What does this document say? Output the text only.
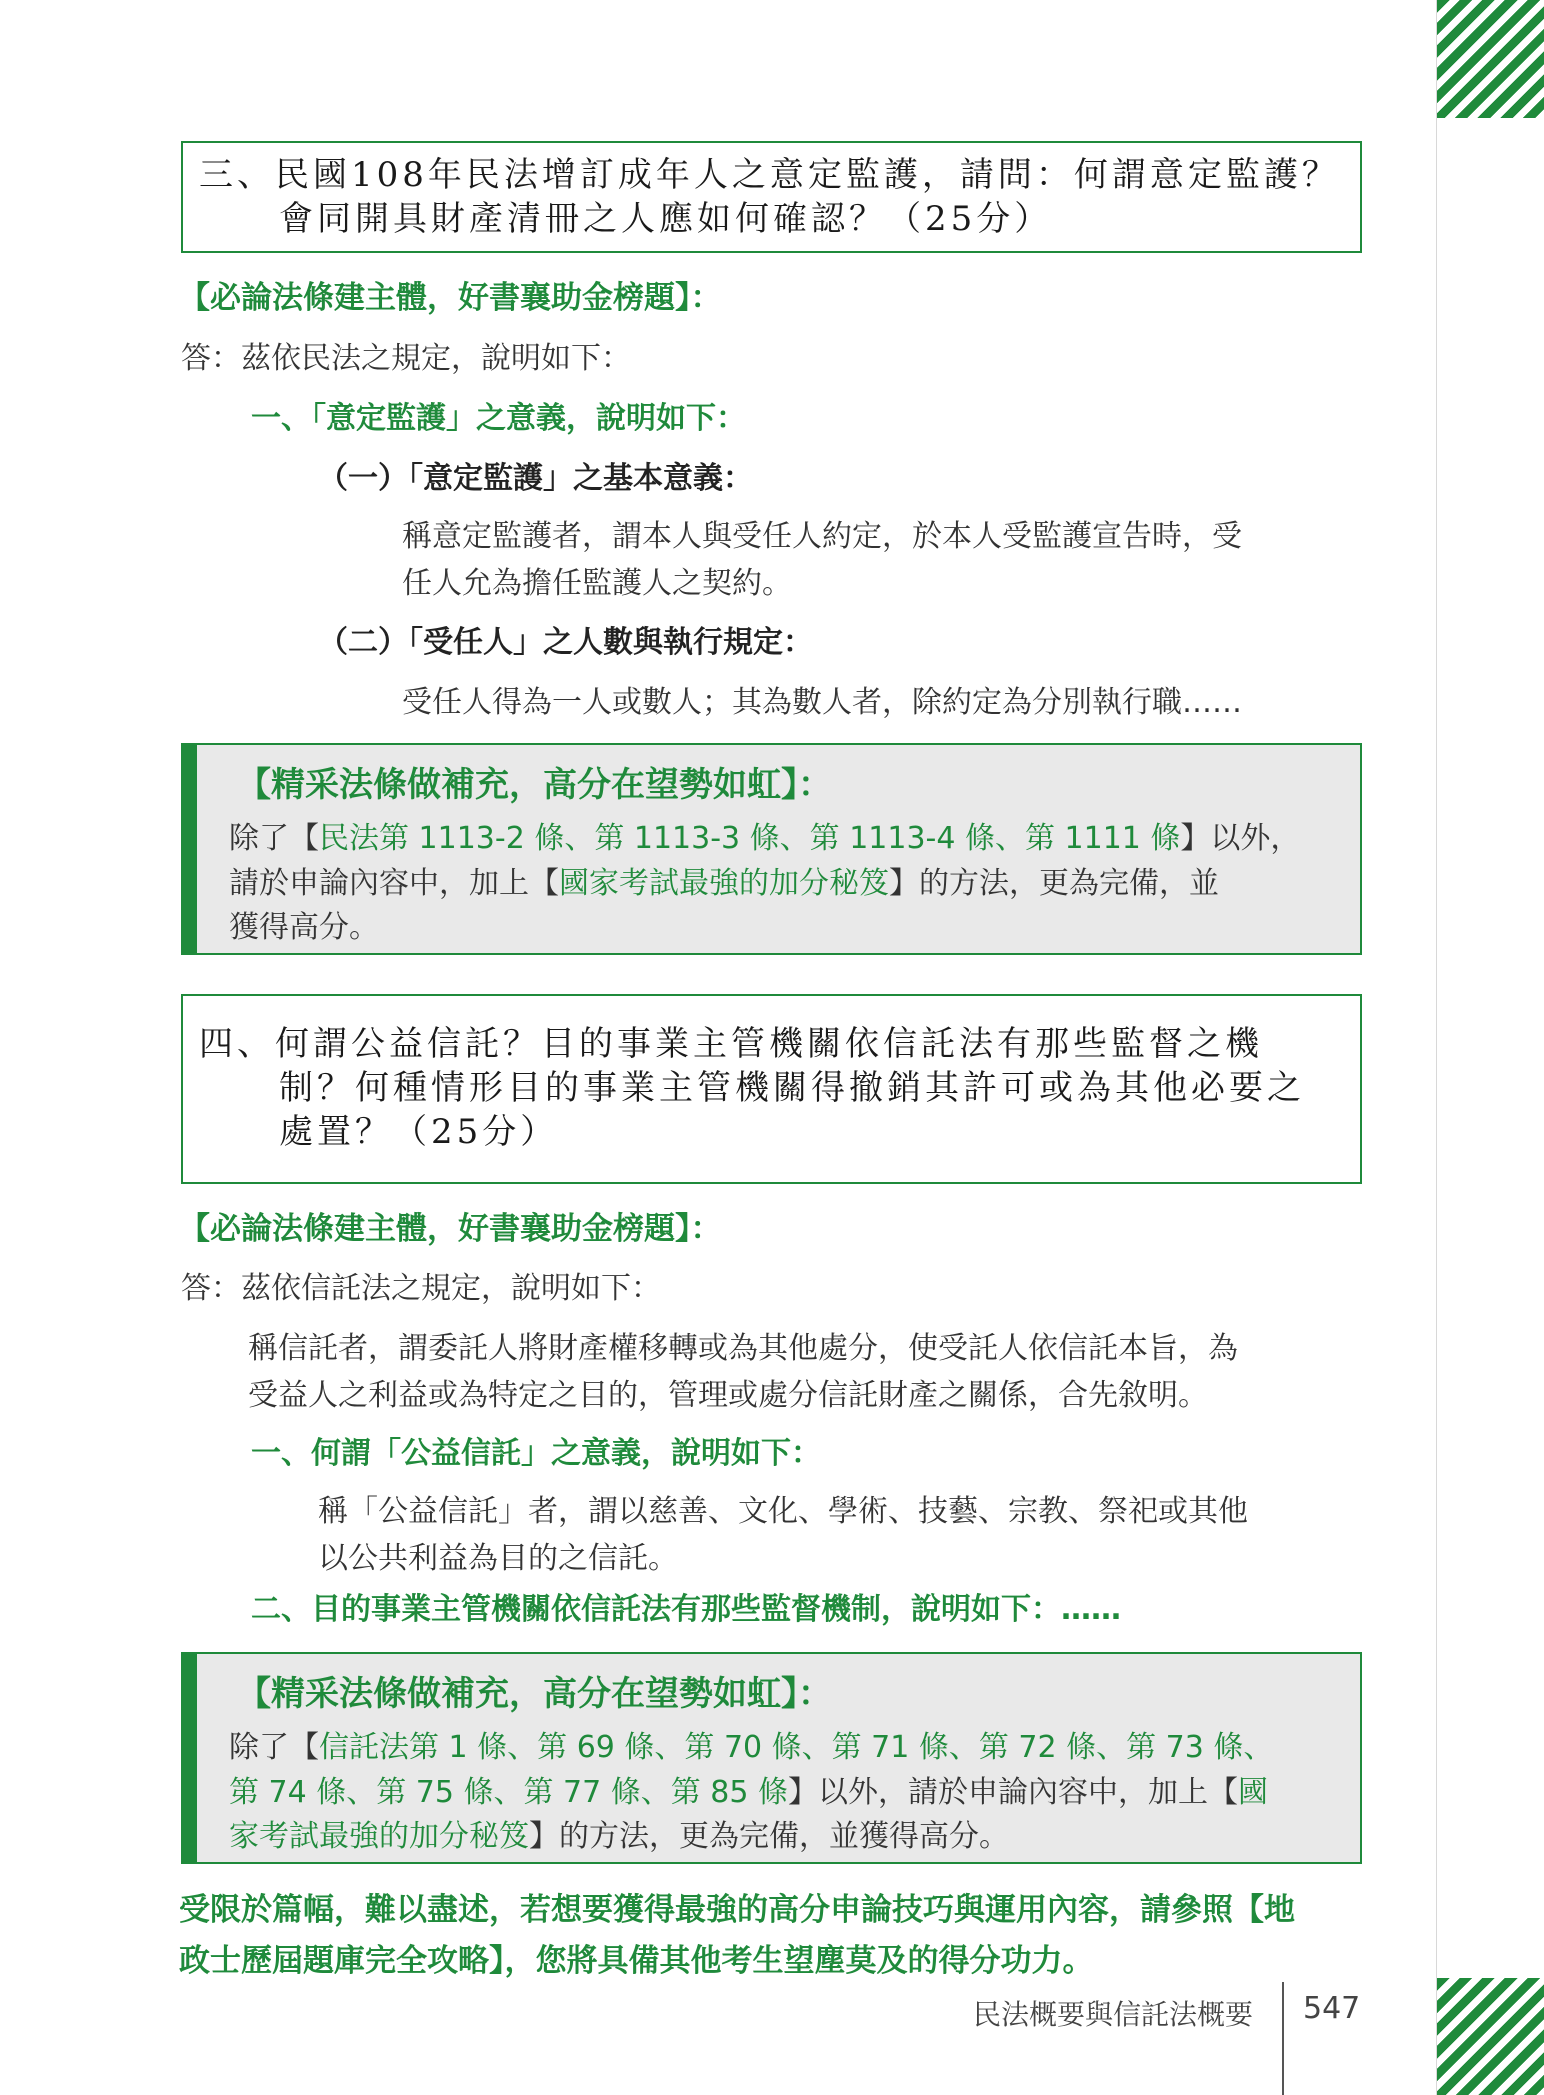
三、民國108年民法增訂成年人之意定監護，請問：何謂意定監護？
會同開具財產清冊之人應如何確認？（25分）
【必論法條建主體，好書襄助金榜題】：
答：茲依民法之規定，說明如下：
一、「意定監護」之意義，說明如下：
（一）「意定監護」之基本意義：
稱意定監護者，謂本人與受任人約定，於本人受監護宣告時，受
任人允為擔任監護人之契約。
（二）「受任人」之人數與執行規定：
受任人得為一人或數人；其為數人者，除約定為分別執行職……
【精采法條做補充，高分在望勢如虹】：
除了【民法第 1113-2 條、第 1113-3 條、第 1113-4 條、第 1111 條】以外，
請於申論內容中，加上【國家考試最強的加分秘笈】的方法，更為完備，並
獲得高分。
四、何謂公益信託？目的事業主管機關依信託法有那些監督之機
制？何種情形目的事業主管機關得撤銷其許可或為其他必要之
處置？（25分）
【必論法條建主體，好書襄助金榜題】：
答：茲依信託法之規定，說明如下：
稱信託者，謂委託人將財產權移轉或為其他處分，使受託人依信託本旨，為
受益人之利益或為特定之目的，管理或處分信託財產之關係，合先敘明。
一、何謂「公益信託」之意義，說明如下：
稱「公益信託」者，謂以慈善、文化、學術、技藝、宗教、祭祀或其他
以公共利益為目的之信託。
二、目的事業主管機關依信託法有那些監督機制，說明如下：……
【精采法條做補充，高分在望勢如虹】：
除了【信託法第 1 條、第 69 條、第 70 條、第 71 條、第 72 條、第 73 條、
第 74 條、第 75 條、第 77 條、第 85 條】以外，請於申論內容中，加上【國
家考試最強的加分秘笈】的方法，更為完備，並獲得高分。
受限於篇幅，難以盡述，若想要獲得最強的高分申論技巧與運用內容，請參照【地
政士歷屆題庫完全攻略】，您將具備其他考生望塵莫及的得分功力。
民法概要與信託法概要 547
